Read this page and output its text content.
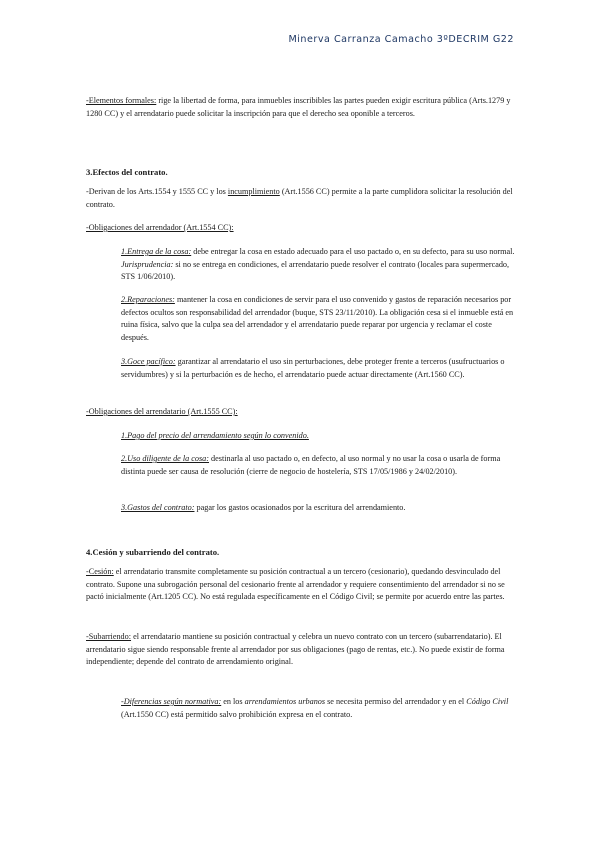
Minerva Carranza Camacho 3ºDECRIM G22
-Elementos formales: rige la libertad de forma, para inmuebles inscribibles las partes pueden exigir escritura pública (Arts.1279 y 1280 CC) y el arrendatario puede solicitar la inscripción para que el derecho sea oponible a terceros.
3.Efectos del contrato.
-Derivan de los Arts.1554 y 1555 CC y los incumplimiento (Art.1556 CC) permite a la parte cumplidora solicitar la resolución del contrato.
-Obligaciones del arrendador (Art.1554 CC):
1.Entrega de la cosa: debe entregar la cosa en estado adecuado para el uso pactado o, en su defecto, para su uso normal. Jurisprudencia: si no se entrega en condiciones, el arrendatario puede resolver el contrato (locales para supermercado, STS 1/06/2010).
2.Reparaciones: mantener la cosa en condiciones de servir para el uso convenido y gastos de reparación necesarios por defectos ocultos son responsabilidad del arrendador (buque, STS 23/11/2010). La obligación cesa si el inmueble está en ruina física, salvo que la culpa sea del arrendador y el arrendatario puede reparar por urgencia y reclamar el coste después.
3.Goce pacífico: garantizar al arrendatario el uso sin perturbaciones, debe proteger frente a terceros (usufructuarios o servidumbres) y si la perturbación es de hecho, el arrendatario puede actuar directamente (Art.1560 CC).
-Obligaciones del arrendatario (Art.1555 CC):
1.Pago del precio del arrendamiento según lo convenido.
2.Uso diligente de la cosa: destinarla al uso pactado o, en defecto, al uso normal y no usar la cosa o usarla de forma distinta puede ser causa de resolución (cierre de negocio de hostelería, STS 17/05/1986 y 24/02/2010).
3.Gastos del contrato: pagar los gastos ocasionados por la escritura del arrendamiento.
4.Cesión y subarriendo del contrato.
-Cesión: el arrendatario transmite completamente su posición contractual a un tercero (cesionario), quedando desvinculado del contrato. Supone una subrogación personal del cesionario frente al arrendador y requiere consentimiento del arrendador si no se pactó inicialmente (Art.1205 CC). No está regulada específicamente en el Código Civil; se permite por acuerdo entre las partes.
-Subarriendo: el arrendatario mantiene su posición contractual y celebra un nuevo contrato con un tercero (subarrendatario). El arrendatario sigue siendo responsable frente al arrendador por sus obligaciones (pago de rentas, etc.). No puede existir de forma independiente; depende del contrato de arrendamiento original.
-Diferencias según normativa: en los arrendamientos urbanos se necesita permiso del arrendador y en el Código Civil (Art.1550 CC) está permitido salvo prohibición expresa en el contrato.
